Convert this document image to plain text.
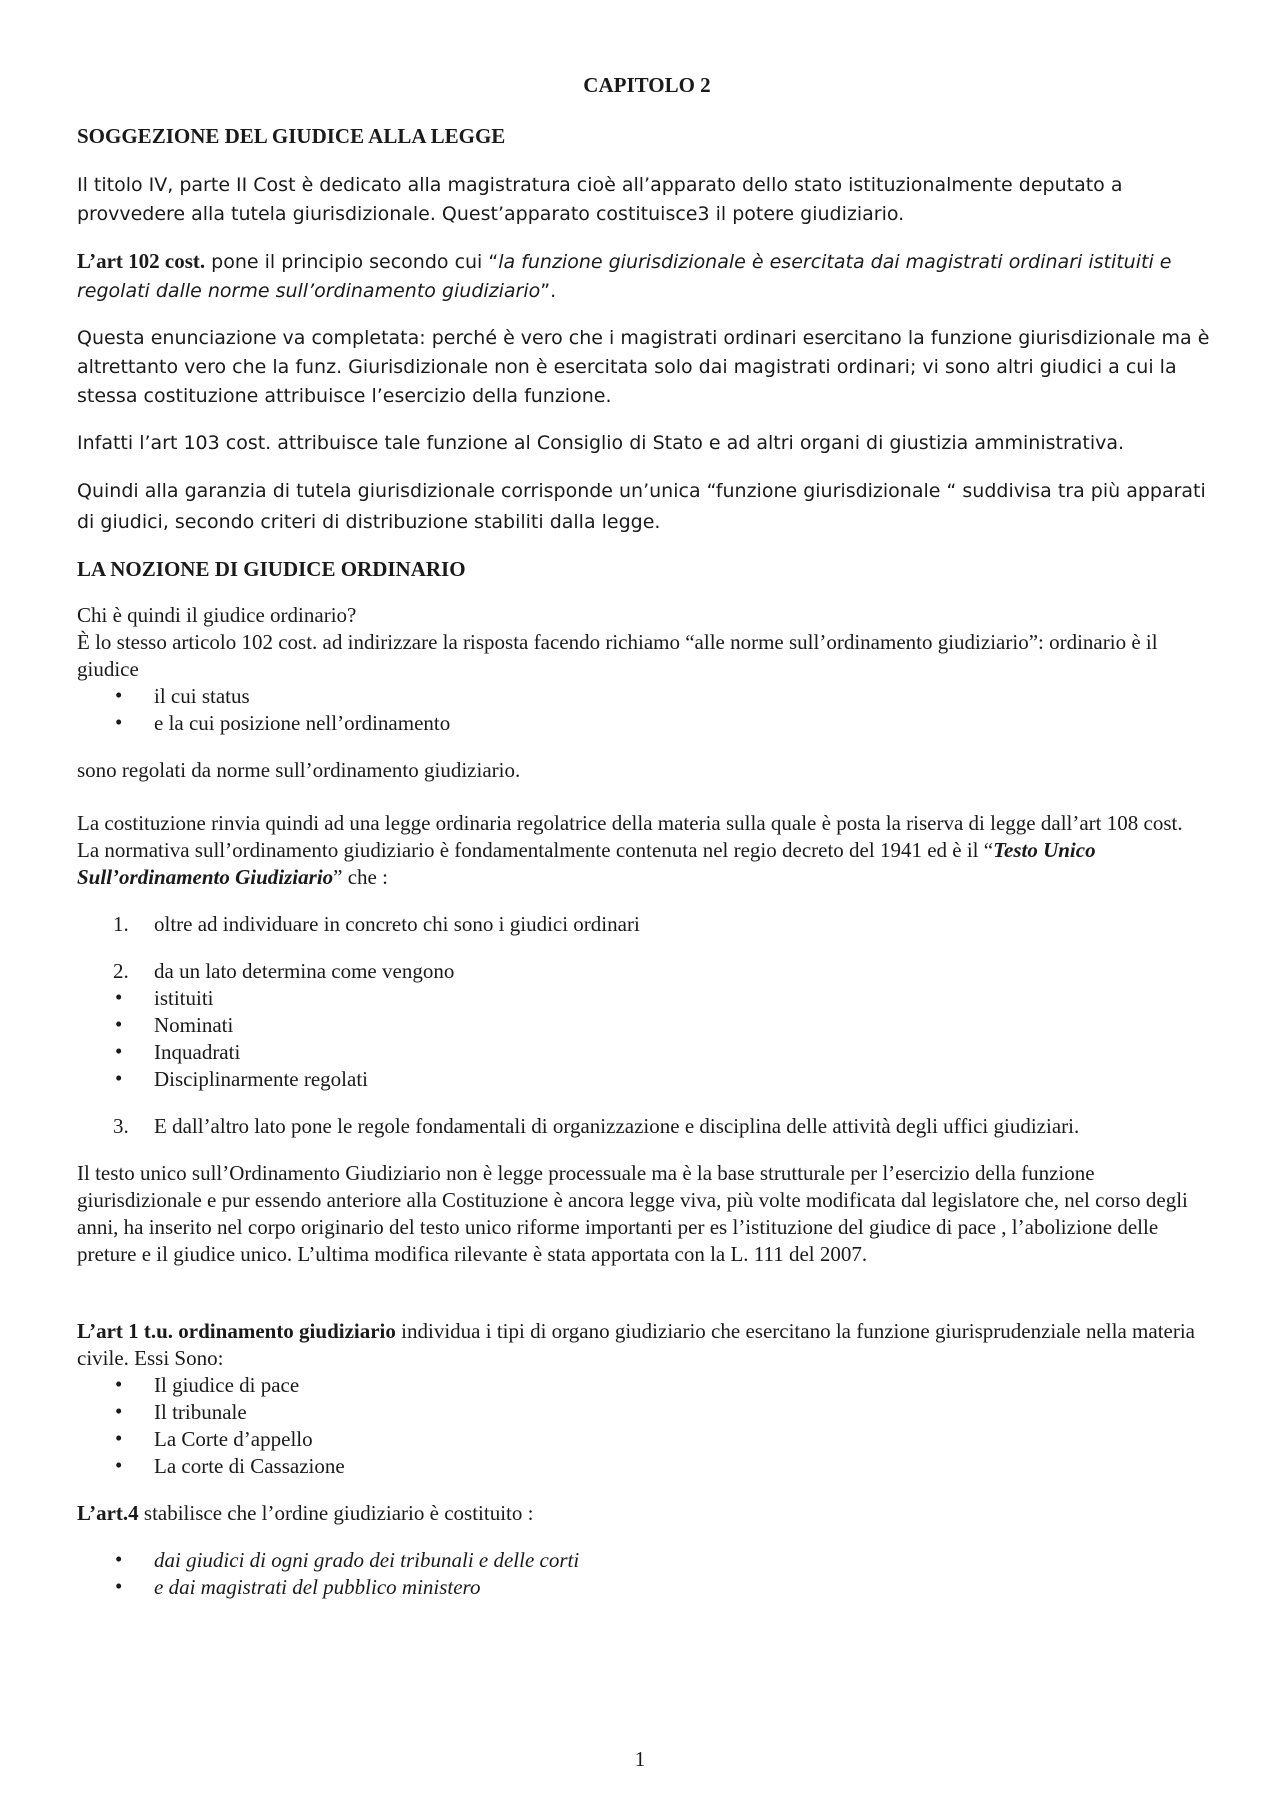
CAPITOLO 2
SOGGEZIONE DEL GIUDICE ALLA LEGGE

Il titolo IV, parte II Cost è dedicato alla magistratura cioè all’apparato dello stato istituzionalmente deputato a provvedere alla tutela giurisdizionale. Quest’apparato costituisce3 il potere giudiziario.

L’art 102 cost. pone il principio secondo cui “la funzione giurisdizionale è esercitata dai magistrati ordinari istituiti e regolati dalle norme sull’ordinamento giudiziario”.

Questa enunciazione va completata: perché è vero che i magistrati ordinari esercitano la funzione giurisdizionale ma è altrettanto vero che la funz. Giurisdizionale non è esercitata solo dai magistrati ordinari; vi sono altri giudici a cui la stessa costituzione attribuisce l’esercizio della funzione.

Infatti l’art 103 cost. attribuisce tale funzione al Consiglio di Stato e ad altri organi di giustizia amministrativa.

Quindi alla garanzia di tutela giurisdizionale corrisponde un’unica “funzione giurisdizionale “ suddivisa tra più apparati di giudici, secondo criteri di distribuzione stabiliti dalla legge.

LA NOZIONE DI GIUDICE ORDINARIO
Chi è quindi il giudice ordinario?
È lo stesso articolo 102 cost. ad indirizzare la risposta facendo richiamo “alle norme sull’ordinamento giudiziario”: ordinario è il giudice
• il cui status
• e la cui posizione nell’ordinamento
sono regolati da norme sull’ordinamento giudiziario.
La costituzione rinvia quindi ad una legge ordinaria regolatrice della materia sulla quale è posta la riserva di legge dall’art 108 cost.
La normativa sull’ordinamento giudiziario è fondamentalmente contenuta nel regio decreto del 1941 ed è il “Testo Unico Sull’ordinamento Giudiziario” che :
1. oltre ad individuare in concreto chi sono i giudici ordinari
2. da un lato determina come vengono
• istituiti
• Nominati
• Inquadrati
• Disciplinarmente regolati
3. E dall’altro lato pone le regole fondamentali di organizzazione e disciplina delle attività degli uffici giudiziari.
Il testo unico sull’Ordinamento Giudiziario non è legge processuale ma è la base strutturale per l’esercizio della funzione giurisdizionale e pur essendo anteriore alla Costituzione è ancora legge viva, più volte modificata dal legislatore che, nel corso degli anni, ha inserito nel corpo originario del testo unico riforme importanti per es l’istituzione del giudice di pace , l’abolizione delle preture e il giudice unico. L’ultima modifica rilevante è stata apportata con la L. 111 del 2007.
L’art 1 t.u. ordinamento giudiziario individua i tipi di organo giudiziario che esercitano la funzione giurisprudenziale nella materia civile. Essi Sono:
• Il giudice di pace
• Il tribunale
• La Corte d’appello
• La corte di Cassazione
L’art.4 stabilisce che l’ordine giudiziario è costituito :
• dai giudici di ogni grado dei tribunali e delle corti
• e dai magistrati del pubblico ministero
1
